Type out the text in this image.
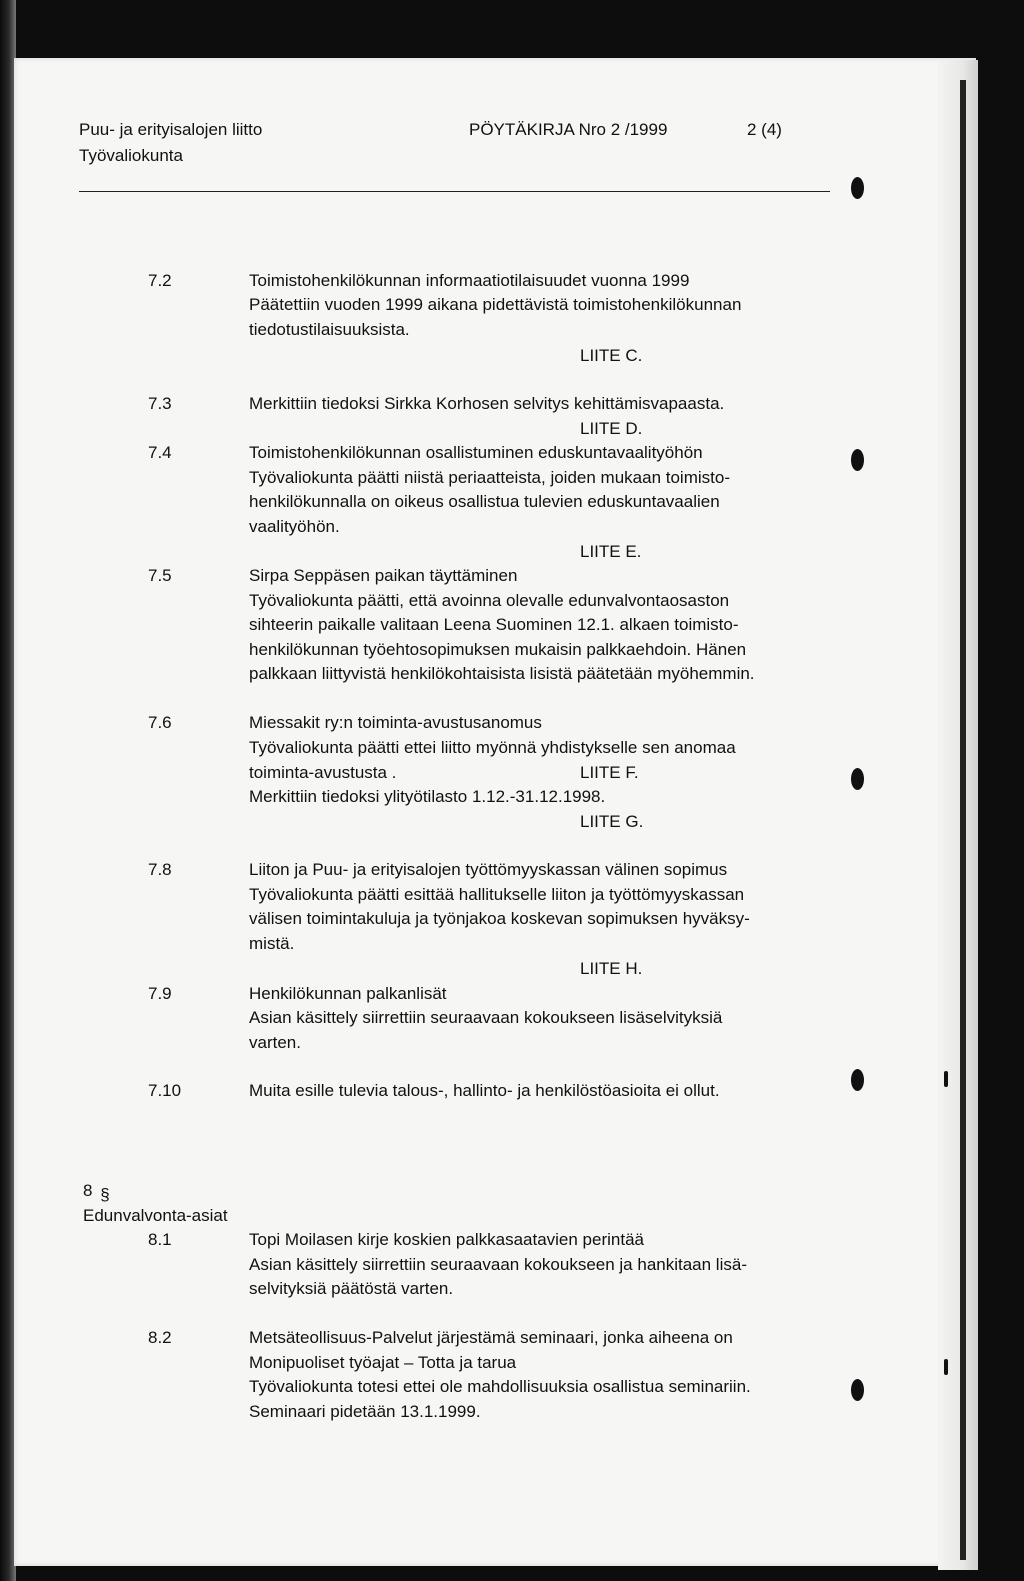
Puu- ja erityisalojen liitto

Työvaliokunta

PÖYTÄKIRJA Nro 2 /1999	2 (4)

7.2	Toimistohenkilökunnan informaatiotilaisuudet vuonna 1999

Päätettiin vuoden 1999 aikana pidettävistä toimistohenkilökunnan

tiedotustilaisuuksista.

LIITE C.

7.3	Merkittiin tiedoksi Sirkka Korhosen selvitys kehittämisvapaasta.

LIITE D.

7.4	Toimistohenkilökunnan osallistuminen eduskuntavaalityöhön

Työvaliokunta päätti niistä periaatteista, joiden mukaan toimisto-

henkilökunnalla on oikeus osallistua tulevien eduskuntavaalien

vaalityöhön.

LIITE E.

7.5	Sirpa Seppäsen paikan täyttäminen

Työvaliokunta päätti, että avoinna olevalle edunvalvontaosaston

sihteerin paikalle valitaan Leena Suominen 12.1. alkaen toimisto-

henkilökunnan työehtosopimuksen mukaisin palkkaehdoin. Hänen

palkkaan liittyvistä henkilökohtaisista lisistä päätetään myöhemmin.

7.6	Miessakit ry:n toiminta-avustusanomus

Työvaliokunta päätti ettei liitto myönnä yhdistykselle sen anomaa

toiminta-avustusta .	LIITE F.

Merkittiin tiedoksi ylityötilasto 1.12.-31.12.1998.

LIITE G.

7.8	Liiton ja Puu- ja erityisalojen työttömyyskassan välinen sopimus

Työvaliokunta päätti esittää hallitukselle liiton ja työttömyyskassan

välisen toimintakuluja ja työnjakoa koskevan sopimuksen hyväksy-

mistä.

LIITE H.

7.9	Henkilökunnan palkanlisät

Asian käsittely siirrettiin seuraavaan kokoukseen lisäselvityksiä

varten.

7.10	Muita esille tulevia talous-, hallinto- ja henkilöstöasioita ei ollut.

8 §

Edunvalvonta-asiat

8.1	Topi Moilasen kirje koskien palkkasaatavien perintää

Asian käsittely siirrettiin seuraavaan kokoukseen ja hankitaan lisä-

selvityksiä päätöstä varten.

8.2	Metsäteollisuus-Palvelut järjestämä seminaari, jonka aiheena on

Monipuoliset työajat – Totta ja tarua

Työvaliokunta totesi ettei ole mahdollisuuksia osallistua seminariin.

Seminaari pidetään 13.1.1999.
